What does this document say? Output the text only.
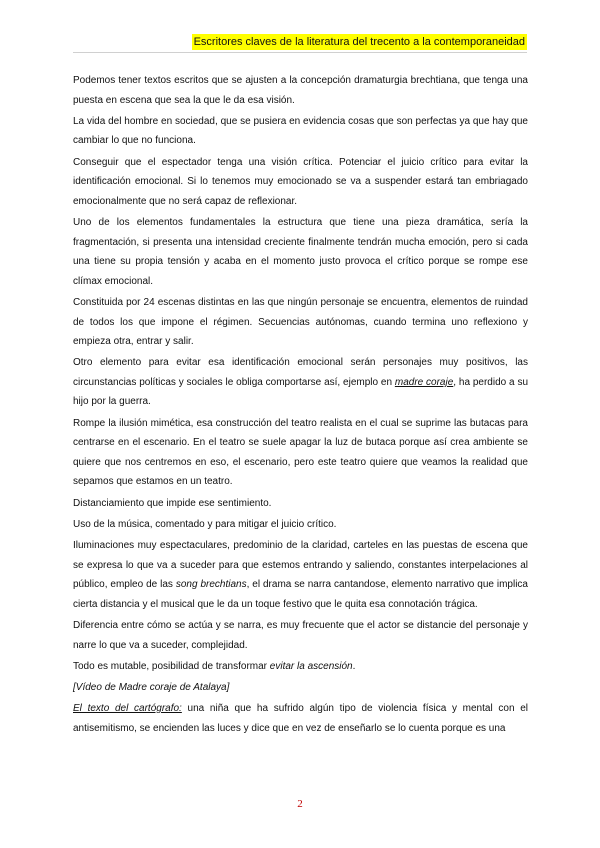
Escritores claves de la literatura del trecento a la contemporaneidad

Podemos tener textos escritos que se ajusten a la concepción dramaturgia brechtiana, que tenga una puesta en escena que sea la que le da esa visión.

La vida del hombre en sociedad, que se pusiera en evidencia cosas que son perfectas ya que hay que cambiar lo que no funciona.

Conseguir que el espectador tenga una visión crítica. Potenciar el juicio crítico para evitar la identificación emocional. Si lo tenemos muy emocionado se va a suspender estará tan embriagado emocionalmente que no será capaz de reflexionar.

Uno de los elementos fundamentales la estructura que tiene una pieza dramática, sería la fragmentación, si presenta una intensidad creciente finalmente tendrán mucha emoción, pero si cada una tiene su propia tensión y acaba en el momento justo provoca el crítico porque se rompe ese clímax emocional.

Constituida por 24 escenas distintas en las que ningún personaje se encuentra, elementos de ruindad de todos los que impone el régimen. Secuencias autónomas, cuando termina uno reflexiono y empieza otra, entrar y salir.

Otro elemento para evitar esa identificación emocional serán personajes muy positivos, las circunstancias políticas y sociales le obliga comportarse así, ejemplo en madre coraje, ha perdido a su hijo por la guerra.

Rompe la ilusión mimética, esa construcción del teatro realista en el cual se suprime las butacas para centrarse en el escenario. En el teatro se suele apagar la luz de butaca porque así crea ambiente se quiere que nos centremos en eso, el escenario, pero este teatro quiere que veamos la realidad que sepamos que estamos en un teatro.

Distanciamiento que impide ese sentimiento.

Uso de la música, comentado y para mitigar el juicio crítico.

Iluminaciones muy espectaculares, predominio de la claridad, carteles en las puestas de escena que se expresa lo que va a suceder para que estemos entrando y saliendo, constantes interpelaciones al público, empleo de las song brechtians, el drama se narra cantandose, elemento narrativo que implica cierta distancia y el musical que le da un toque festivo que le quita esa connotación trágica.

Diferencia entre cómo se actúa y se narra, es muy frecuente que el actor se distancie del personaje y narre lo que va a suceder, complejidad.

Todo es mutable, posibilidad de transformar evitar la ascensión.

[Vídeo de Madre coraje de Atalaya]

El texto del cartógrafo: una niña que ha sufrido algún tipo de violencia física y mental con el antisemitismo, se encienden las luces y dice que en vez de enseñarlo se lo cuenta porque es una

2
